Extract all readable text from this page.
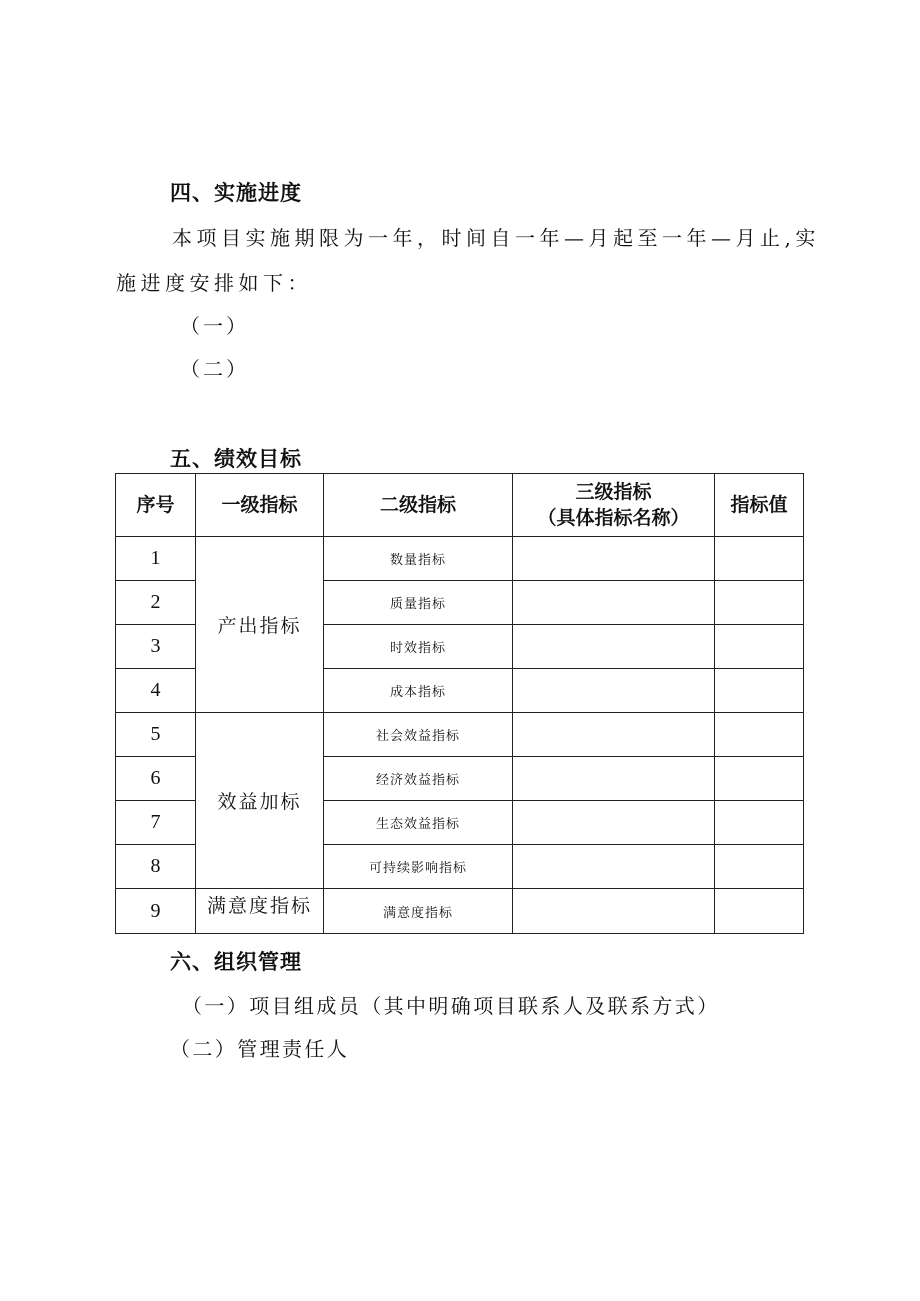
四、实施进度
本项目实施期限为一年，时间自一年—月起至一年—月止,实
施进度安排如下：
（一）
（二）
五、绩效目标
序号	一级指标	二级指标	三级指标
（具体指标名称）	指标值
1	产出指标	数量指标		
2		质量指标		
3		时效指标		
4		成本指标		
5	效益加标	社会效益指标		
6		经济效益指标		
7		生态效益指标		
8		可持续影响指标		
9	满意度指标	满意度指标		
六、组织管理
（一）项目组成员（其中明确项目联系人及联系方式）
（二）管理责任人
